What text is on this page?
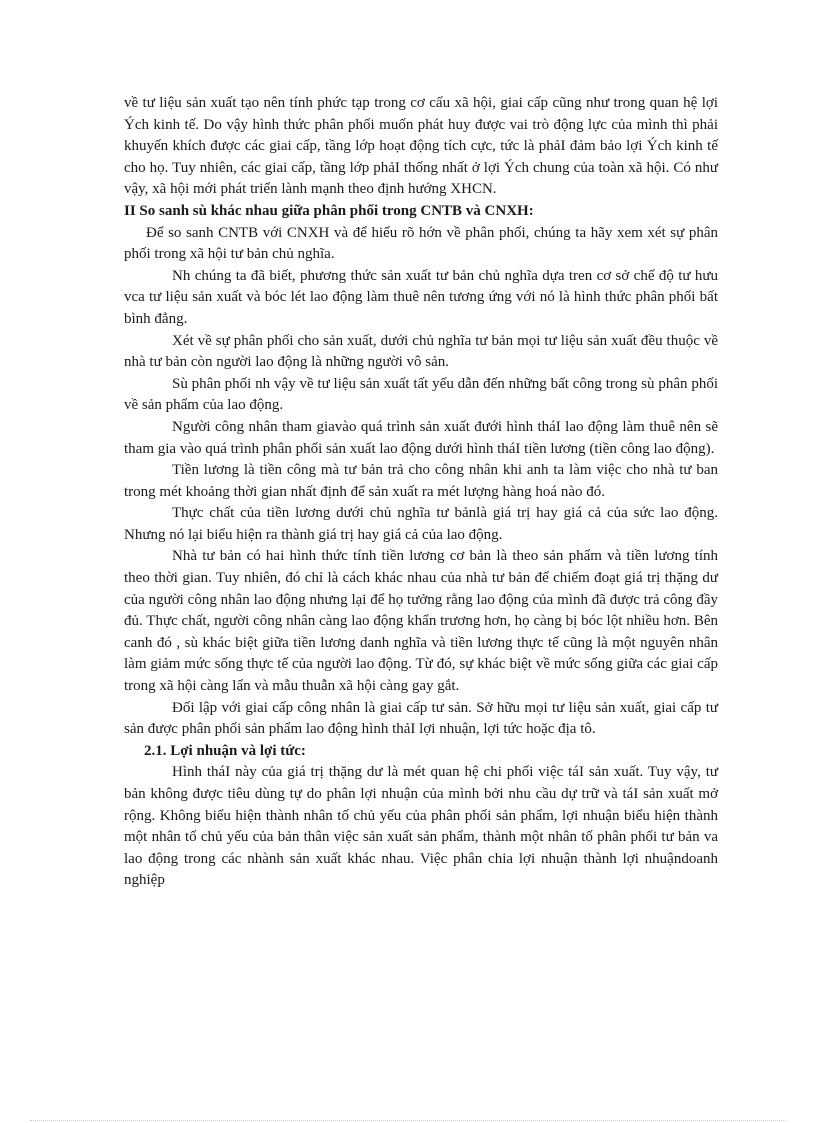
về tư liệu sản xuất tạo nên tính phức tạp trong cơ cấu xã hội, giai cấp cũng như trong quan hệ lợi Ých kinh tế. Do vậy hình thức phân phối muốn phát huy được vai trò động lực của mình thì phải khuyến khích được các giai cấp, tầng lớp hoạt động tích cực, tức là phảI đảm bảo lợi Ých kinh tế cho họ. Tuy nhiên, các giai cấp, tầng lớp phảI thống nhất ở lợi Ých chung của toàn xã hội. Có như vậy, xã hội mới phát triển lành mạnh theo định hướng XHCN.

II So sanh sù khác nhau giữa phân phối trong CNTB và CNXH:

Để so sanh CNTB với CNXH và để hiểu rõ hớn về phân phối, chúng ta hãy xem xét sự phân phối trong xã hội tư bản chủ nghĩa.

Nh chúng ta đã biết, phương thức sản xuất tư bản chủ nghĩa dựa tren cơ sở chế độ tư hưu vca tư liệu sản xuất và bóc lét lao động làm thuê nên tương ứng với nó là hình thức phân phối bất bình đẳng.

Xét về sự phân phối cho sản xuất, dưới chủ nghĩa tư bản mọi tư liệu sản xuất đều thuộc về nhà tư bản còn người lao động là những người vô sản.

Sù phân phối nh vậy về tư liệu sản xuất tất yếu dẫn đến những bất công trong sù phân phối về sản phẩm của lao động.

Người công nhân tham giavào quá trình sản xuất đưới hình tháI lao động làm thuê nên sẽ tham gia vào quá trình phân phối sản xuất lao động dưới hình tháI tiền lương (tiền công lao động).

Tiền lương là tiền công mà tư bản trả cho công nhân khi anh ta làm việc cho nhà tư ban trong mét khoảng thời gian nhất định để sản xuất ra mét lượng hàng hoá nào đó.

Thực chất của tiền lương dưới chủ nghĩa tư bảnlà giá trị hay giá cả của sức lao động. Nhưng nó lại biểu hiện ra thành giá trị hay giá cả của lao động.

Nhà tư bản có hai hình thức tính tiền lương cơ bản là theo sản phẩm và tiền lương tính theo thời gian. Tuy nhiên, đó chỉ là cách khác nhau của nhà tư bản để chiếm đoạt giá trị thặng dư của người công nhân lao động nhưng lại để họ tưởng rằng lao động của mình đã được trả công đầy đủ. Thực chất, người công nhân càng lao động khẩn trương hơn, họ càng bị bóc lột nhiều hơn. Bên canh đó , sù khác biệt giữa tiền lương danh nghĩa và tiền lương thực tế cũng là một nguyên nhân làm giảm mức sống thực tế của người lao động. Từ đó, sự khác biệt về mức sống giữa các giai cấp trong xã hội càng lẩn và mẫu thuẫn xã hội càng gay gắt.

Đối lập với giai cấp công nhân là giai cấp tư sản. Sở hữu mọi tư liệu sản xuất, giai cấp tư sản được phân phối sản phẩm lao động hình thảI lợi nhuận, lợi tức hoặc địa tô.

2.1. Lợi nhuận và lợi tức:

Hình tháI này của giá trị thặng dư là mét quan hệ chi phối việc táI sản xuất. Tuy vậy, tư bản không được tiêu dùng tự do phân lợi nhuận của mình bởi nhu cầu dự trữ và táI sản xuất mở rộng. Không biểu hiện thành nhân tố chủ yếu của phân phối sản phẩm, lợi nhuận biểu hiện thành một nhân tố chủ yếu của bản thân việc sản xuất sản phẩm, thành một nhân tố phân phối tư bản va lao động trong các nhành sản xuất khác nhau. Việc phân chia lợi nhuận thành lợi nhuậndoanh nghiệp
